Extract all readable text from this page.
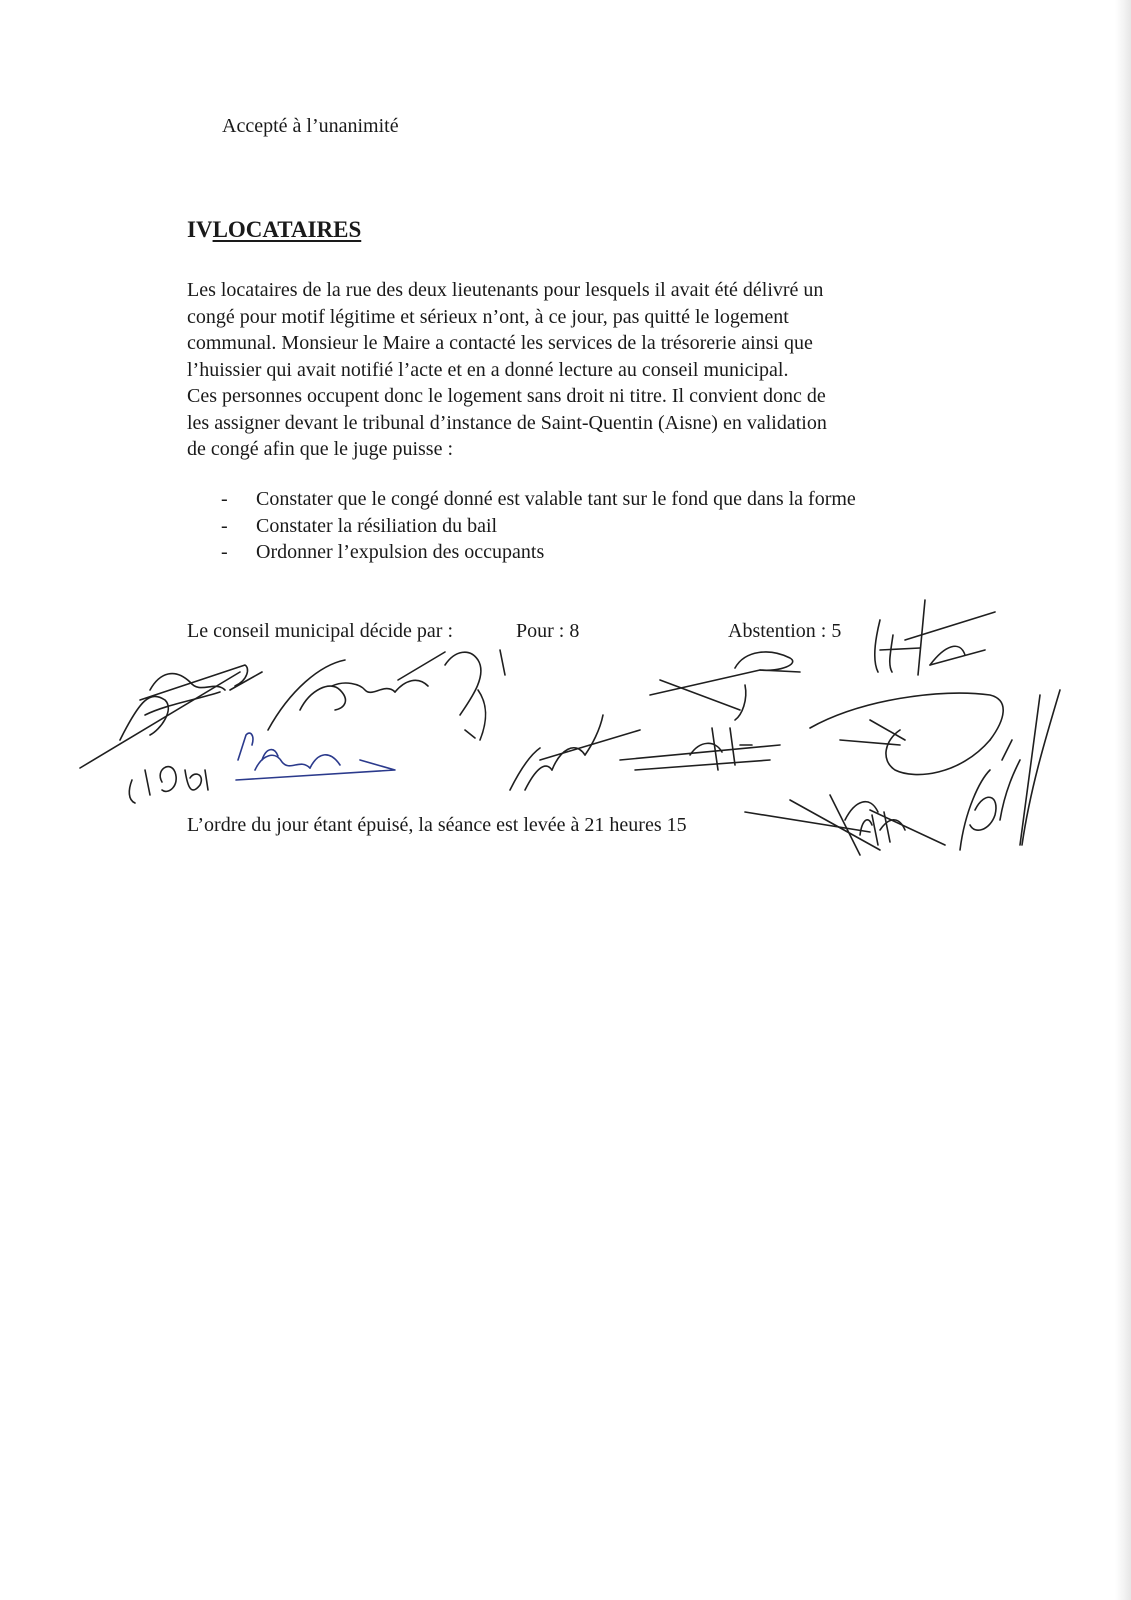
Accepté à l’unanimité
IVLOCATAIRES
Les locataires de la rue des deux lieutenants pour lesquels il avait été délivré un
congé pour motif légitime et sérieux n’ont, à ce jour, pas quitté le logement
communal. Monsieur le Maire a contacté les services de la trésorerie ainsi que
l’huissier qui avait notifié l’acte et en a donné lecture au conseil municipal.
Ces personnes occupent donc le logement sans droit ni titre. Il convient donc de
les assigner devant le tribunal d’instance de Saint-Quentin (Aisne) en validation
de congé afin que le juge puisse :
-	Constater que le congé donné est valable tant sur le fond que dans la forme
-	Constater la résiliation du bail
-	Ordonner l’expulsion des occupants
Le conseil municipal décide par :	Pour : 8	Abstention : 5
L’ordre du jour étant épuisé, la séance est levée à 21 heures 15
